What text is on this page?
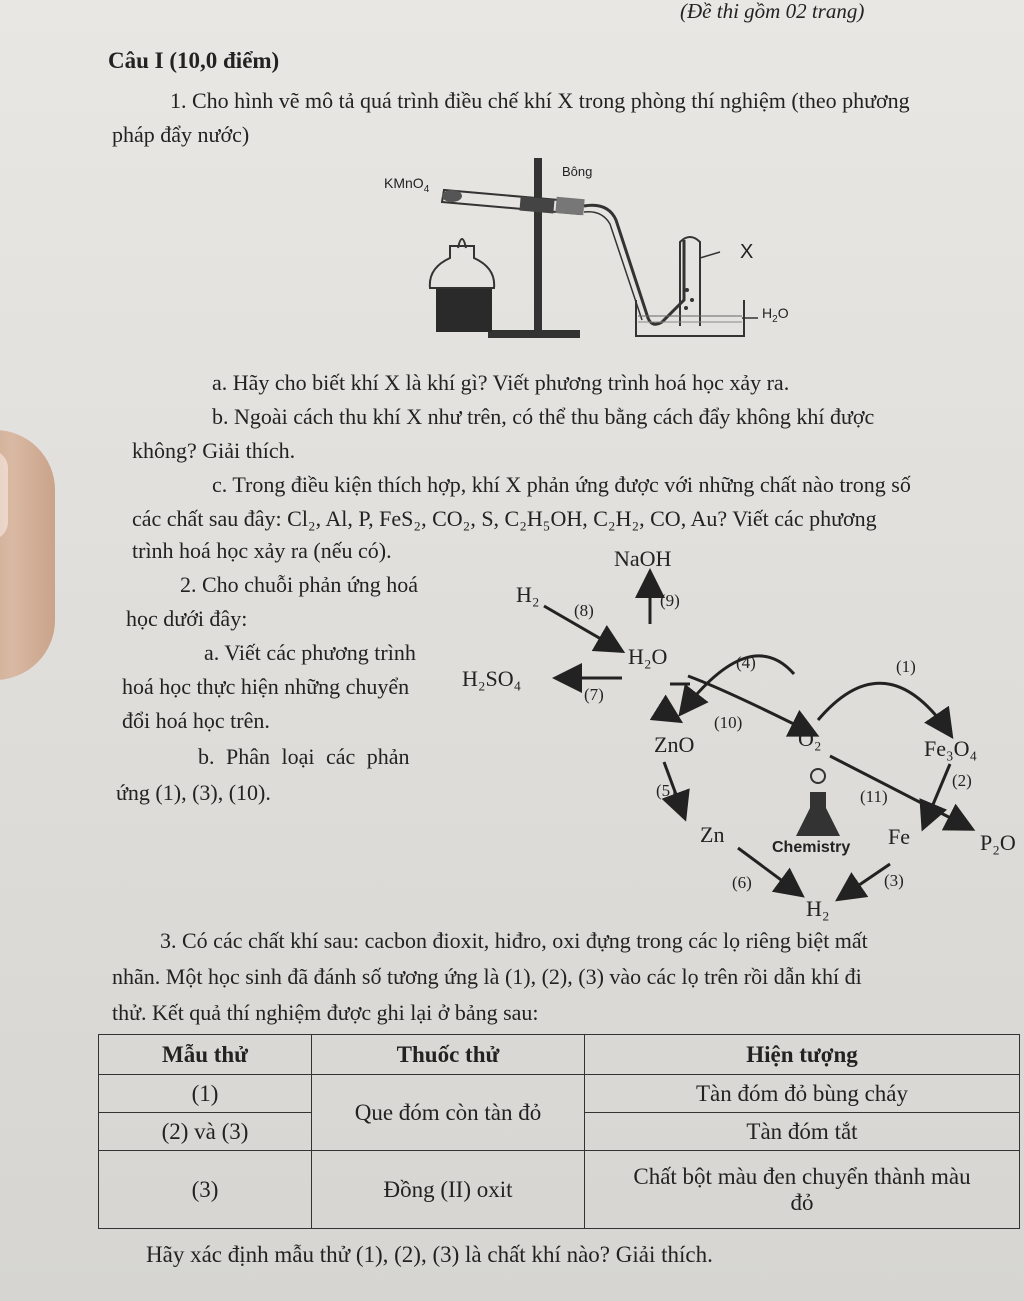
(Đề thi gồm 02 trang)
Câu I (10,0 điểm)
1. Cho hình vẽ mô tả quá trình điều chế khí X trong phòng thí nghiệm (theo phương
pháp đẩy nước)
KMnO$_4$
Bông
X
$H_2O$
a. Hãy cho biết khí X là khí gì? Viết phương trình hoá học xảy ra.
b. Ngoài cách thu khí X như trên, có thể thu bằng cách đẩy không khí được
không? Giải thích.
c. Trong điều kiện thích hợp, khí X phản ứng được với những chất nào trong số
các chất sau đây: Cl₂, Al, P, FeS₂, CO₂, S, C₂H₅OH, C₂H₂, CO, Au? Viết các phương
trình hoá học xảy ra (nếu có).
2. Cho chuỗi phản ứng hoá
học dưới đây:
a. Viết các phương trình
hoá học thực hiện những chuyển
đổi hoá học trên.
b. Phân loại các phản
ứng (1), (3), (10).
NaOH
H₂
H₂O
H₂SO₄
ZnO	O₂	Fe₃O₄
Zn	Fe	P₂O
H₂
Chemistry
(1)
(2)
(3)
(4)
(5)
(6)
(7)
(8)
(9)
(10)
(11)
3. Có các chất khí sau: cacbon đioxit, hiđro, oxi đựng trong các lọ riêng biệt mất
nhãn. Một học sinh đã đánh số tương ứng là (1), (2), (3) vào các lọ trên rồi dẫn khí đi
thử. Kết quả thí nghiệm được ghi lại ở bảng sau:
Mẫu thử	Thuốc thử	Hiện tượng
(1)	Que đóm còn tàn đỏ	Tàn đóm đỏ bùng cháy
(2) và (3)		Tàn đóm tắt
(3)	Đồng (II) oxit	Chất bột màu đen chuyển thành màu
đỏ
Hãy xác định mẫu thử (1), (2), (3) là chất khí nào? Giải thích.
